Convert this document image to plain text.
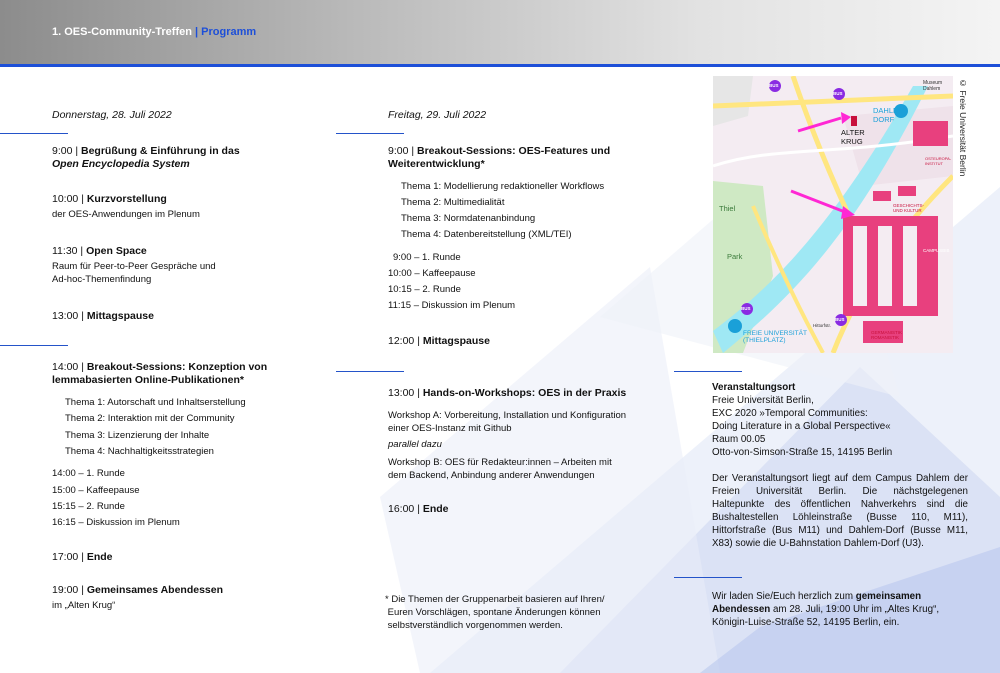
1. OES-Community-Treffen | Programm
Donnerstag, 28. Juli 2022
9:00 | Begrüßung & Einführung in das
Open Encyclopedia System
10:00 | Kurzvorstellung
der OES-Anwendungen im Plenum
11:30 | Open Space
Raum für Peer-to-Peer Gespräche und
Ad-hoc-Themenfindung
13:00 | Mittagspause
14:00 | Breakout-Sessions: Konzeption von
lemmabasierten Online-Publikationen*
Thema 1: Autorschaft und Inhaltserstellung
Thema 2: Interaktion mit der Community
Thema 3: Lizenzierung der Inhalte
Thema 4: Nachhaltigkeitsstrategien
14:00 – 1. Runde
15:00 – Kaffeepause
15:15 – 2. Runde
16:15 – Diskussion im Plenum
17:00 | Ende
19:00 | Gemeinsames Abendessen
im „Alten Krug“
Freitag, 29. Juli 2022
9:00 | Breakout-Sessions: OES-Features und
Weiterentwicklung*
Thema 1: Modellierung redaktioneller Workflows
Thema 2: Multimedialität
Thema 3: Normdatenanbindung
Thema 4: Datenbereitstellung (XML/TEI)
9:00 – 1. Runde
10:00 – Kaffeepause
10:15 – 2. Runde
11:15 – Diskussion im Plenum
12:00 | Mittagspause
13:00 | Hands-on-Workshops: OES in der Praxis
Workshop A: Vorbereitung, Installation und Konfiguration
einer OES-Instanz mit Github
parallel dazu
Workshop B: OES für Redakteur:innen – Arbeiten mit
dem Backend, Anbindung anderer Anwendungen
16:00 | Ende
* Die Themen der Gruppenarbeit basieren auf Ihren/
Euren Vorschlägen, spontane Änderungen können
selbstverständlich vorgenommen werden.
BUS
BUS
BUS
BUS
ALTER
KRUG
DAHLEM-
DORF
Museum
Dahlem
Thiel
Park
FREIE UNIVERSITÄT
(THIELPLATZ)
GESCHICHTS-
UND KULTUR
CAMPUSBIB
GERMANISTIK
ROMANISTIK
Hittorfstr.
OSTEUROPA-INSTITUT	© Freie Universität Berlin
Veranstaltungsort
Freie Universität Berlin,
EXC 2020 »Temporal Communities:
Doing Literature in a Global Perspective«
Raum 00.05
Otto-von-Simson-Straße 15, 14195 Berlin
Der Veranstaltungsort liegt auf dem Campus Dahlem der Freien Universität Berlin. Die nächstgelegenen Haltepunkte des öffentlichen Nahverkehrs sind die Bushaltestellen Löhleinstraße (Busse 110, M11), Hittorfstraße (Bus M11) und Dahlem-Dorf (Busse M11, X83) sowie die U-Bahnstation Dahlem-Dorf (U3).
Wir laden Sie/Euch herzlich zum gemeinsamen
Abendessen am 28. Juli, 19:00 Uhr im „Altes Krug“,
Königin-Luise-Straße 52, 14195 Berlin, ein.
